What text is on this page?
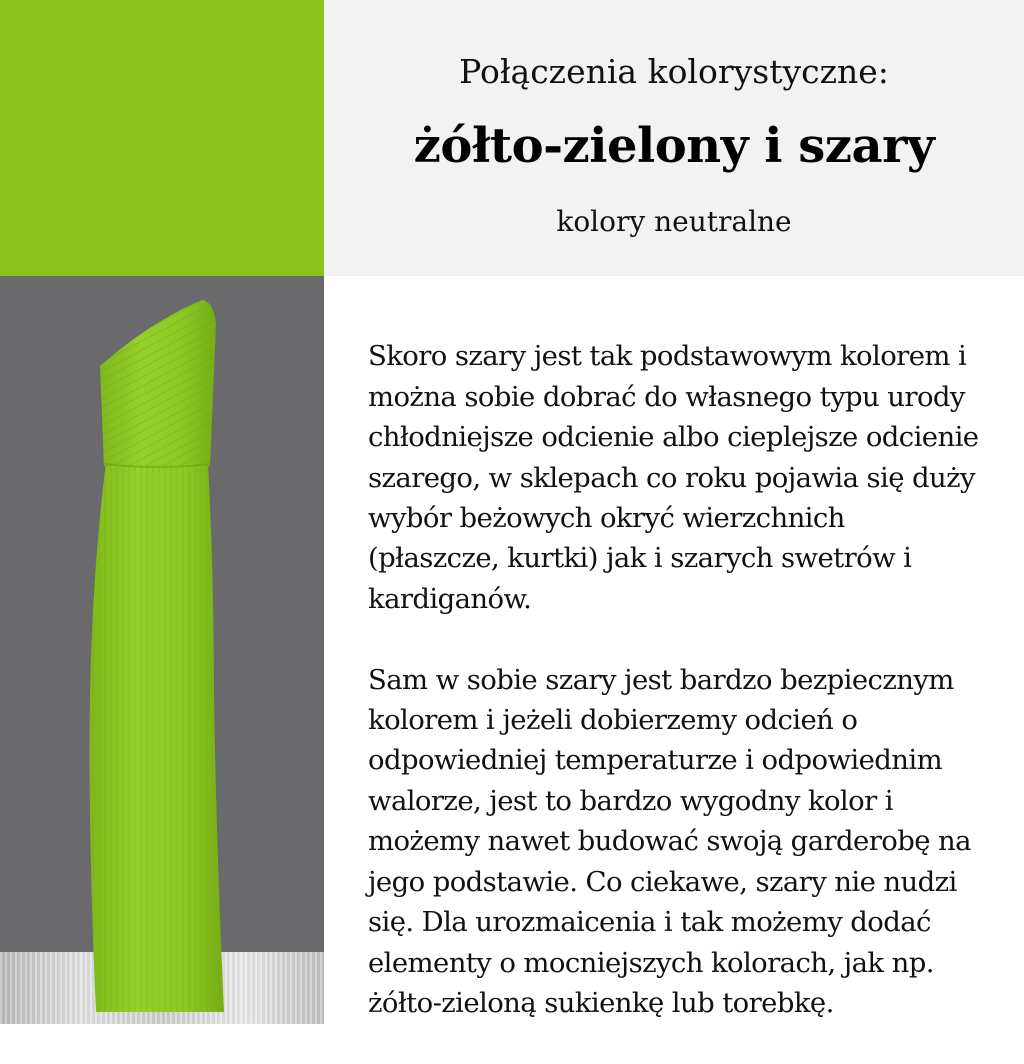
Połączenia kolorystyczne:
żółto-zielony i szary
kolory neutralne

Skoro szary jest tak podstawowym kolorem i
można sobie dobrać do własnego typu urody
chłodniejsze odcienie albo cieplejsze odcienie
szarego, w sklepach co roku pojawia się duży
wybór beżowych okryć wierzchnich
(płaszcze, kurtki) jak i szarych swetrów i
kardiganów.

Sam w sobie szary jest bardzo bezpiecznym
kolorem i jeżeli dobierzemy odcień o
odpowiedniej temperaturze i odpowiednim
walorze, jest to bardzo wygodny kolor i
możemy nawet budować swoją garderobę na
jego podstawie. Co ciekawe, szary nie nudzi
się. Dla urozmaicenia i tak możemy dodać
elementy o mocniejszych kolorach, jak np.
żółto-zieloną sukienkę lub torebkę.
